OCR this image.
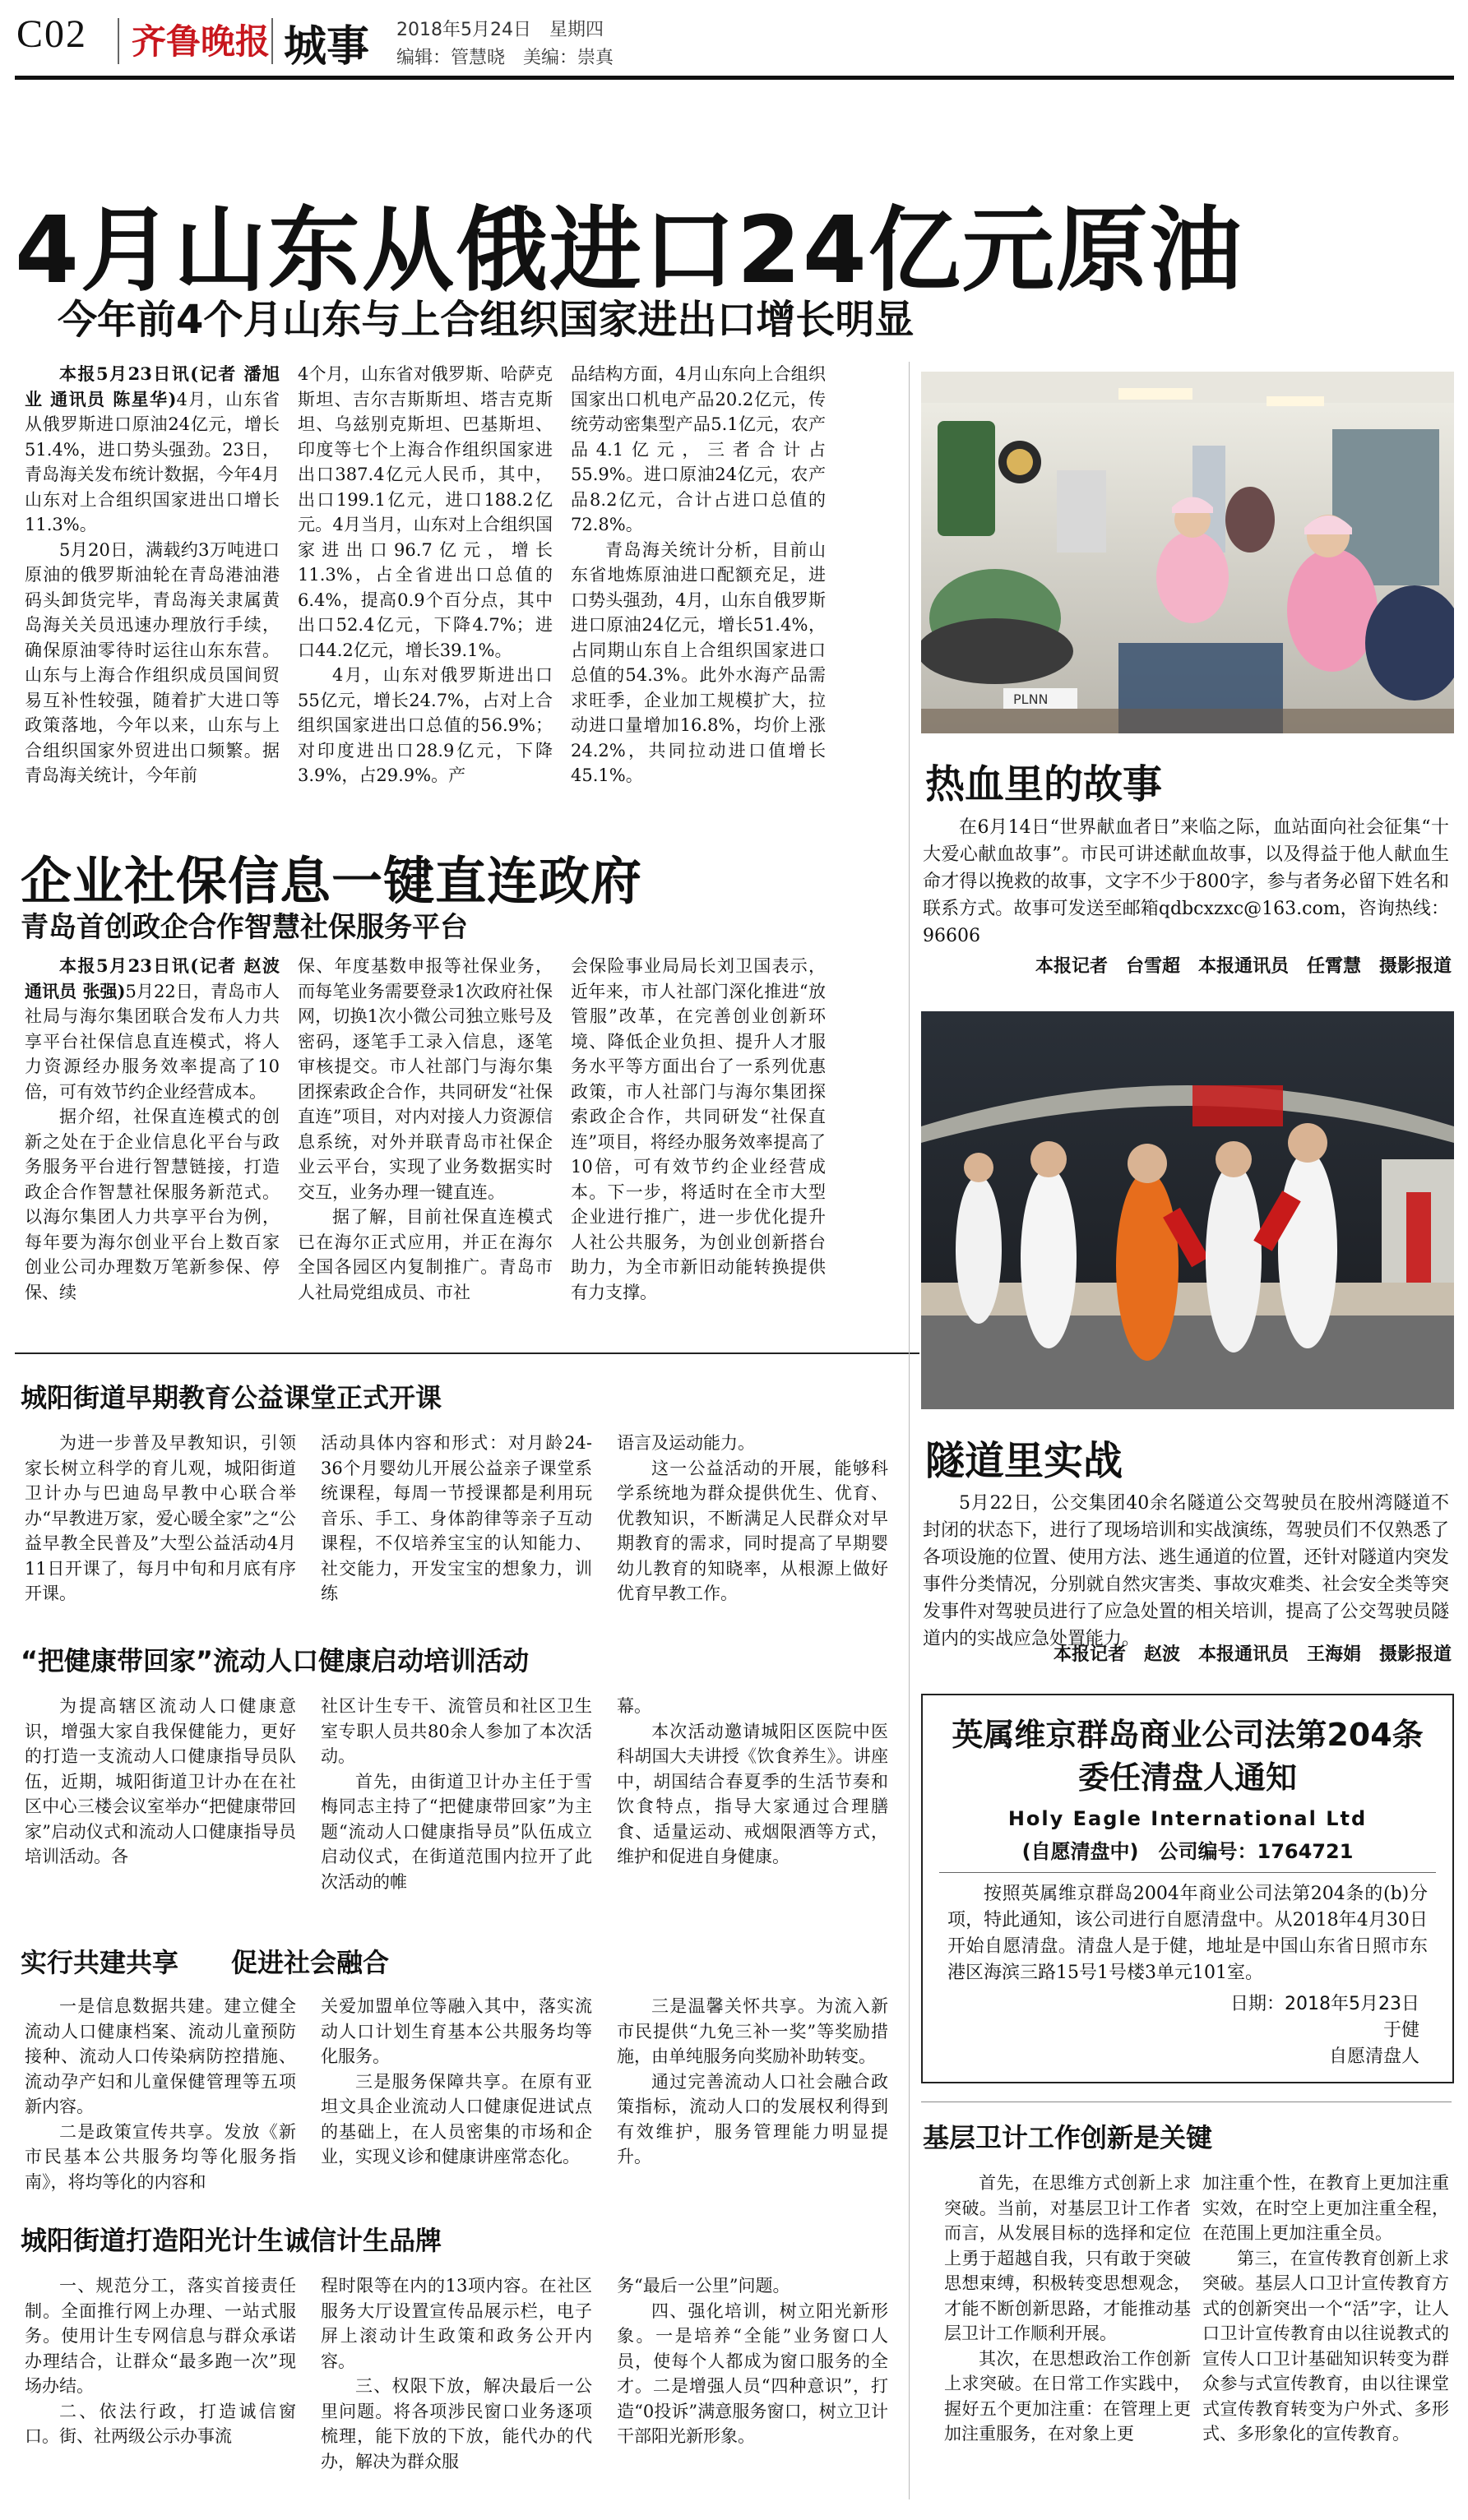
C02 齐鲁晚报 城事 2018年5月24日　星期四
编辑：管慧晓　美编：崇真
4月山东从俄进口24亿元原油
今年前4个月山东与上合组织国家进出口增长明显

本报5月23日讯(记者 潘旭业 通讯员 陈星华)4月，山东省从俄罗斯进口原油24亿元，增长51.4%，进口势头强劲。23日，青岛海关发布统计数据，今年4月山东对上合组织国家进出口增长11.3%。

5月20日，满载约3万吨进口原油的俄罗斯油轮在青岛港油港码头卸货完毕，青岛海关隶属黄岛海关关员迅速办理放行手续，确保原油零待时运往山东东营。山东与上海合作组织成员国间贸易互补性较强，随着扩大进口等政策落地，今年以来，山东与上合组织国家外贸进出口频繁。据青岛海关统计，今年前

4个月，山东省对俄罗斯、哈萨克斯坦、吉尔吉斯斯坦、塔吉克斯坦、乌兹别克斯坦、巴基斯坦、印度等七个上海合作组织国家进出口387.4亿元人民币，其中，出口199.1亿元，进口188.2亿元。4月当月，山东对上合组织国家进出口96.7亿元，增长11.3%，占全省进出口总值的6.4%，提高0.9个百分点，其中出口52.4亿元，下降4.7%；进口44.2亿元，增长39.1%。

4月，山东对俄罗斯进出口55亿元，增长24.7%，占对上合组织国家进出口总值的56.9%；对印度进出口28.9亿元，下降3.9%，占29.9%。产

品结构方面，4月山东向上合组织国家出口机电产品20.2亿元，传统劳动密集型产品5.1亿元，农产品4.1亿元，三者合计占55.9%。进口原油24亿元，农产品8.2亿元，合计占进口总值的72.8%。

青岛海关统计分析，目前山东省地炼原油进口配额充足，进口势头强劲，4月，山东自俄罗斯进口原油24亿元，增长51.4%，占同期山东自上合组织国家进口总值的54.3%。此外水海产品需求旺季，企业加工规模扩大，拉动进口量增加16.8%，均价上涨24.2%，共同拉动进口值增长45.1%。

企业社保信息一键直连政府
青岛首创政企合作智慧社保服务平台

本报5月23日讯(记者 赵波 通讯员 张强)5月22日，青岛市人社局与海尔集团联合发布人力共享平台社保信息直连模式，将人力资源经办服务效率提高了10倍，可有效节约企业经营成本。

据介绍，社保直连模式的创新之处在于企业信息化平台与政务服务平台进行智慧链接，打造政企合作智慧社保服务新范式。以海尔集团人力共享平台为例，每年要为海尔创业平台上数百家创业公司办理数万笔新参保、停保、续

保、年度基数申报等社保业务，而每笔业务需要登录1次政府社保网，切换1次小微公司独立账号及密码，逐笔手工录入信息，逐笔审核提交。市人社部门与海尔集团探索政企合作，共同研发“社保直连”项目，对内对接人力资源信息系统，对外并联青岛市社保企业云平台，实现了业务数据实时交互，业务办理一键直连。

据了解，目前社保直连模式已在海尔正式应用，并正在海尔全国各园区内复制推广。青岛市人社局党组成员、市社

会保险事业局局长刘卫国表示，近年来，市人社部门深化推进“放管服”改革，在完善创业创新环境、降低企业负担、提升人才服务水平等方面出台了一系列优惠政策，市人社部门与海尔集团探索政企合作，共同研发“社保直连”项目，将经办服务效率提高了10倍，可有效节约企业经营成本。下一步，将适时在全市大型企业进行推广，进一步优化提升人社公共服务，为创业创新搭台助力，为全市新旧动能转换提供有力支撑。

城阳街道早期教育公益课堂正式开课

为进一步普及早教知识，引领家长树立科学的育儿观，城阳街道卫计办与巴迪岛早教中心联合举办“早教进万家，爱心暖全家”之“公益早教全民普及”大型公益活动4月11日开课了，每月中旬和月底有序开课。

活动具体内容和形式：对月龄24-36个月婴幼儿开展公益亲子课堂系统课程，每周一节授课都是利用玩音乐、手工、身体韵律等亲子互动课程，不仅培养宝宝的认知能力、社交能力，开发宝宝的想象力，训练

语言及运动能力。

这一公益活动的开展，能够科学系统地为群众提供优生、优育、优教知识，不断满足人民群众对早期教育的需求，同时提高了早期婴幼儿教育的知晓率，从根源上做好优育早教工作。

“把健康带回家”流动人口健康启动培训活动

为提高辖区流动人口健康意识，增强大家自我保健能力，更好的打造一支流动人口健康指导员队伍，近期，城阳街道卫计办在在社区中心三楼会议室举办“把健康带回家”启动仪式和流动人口健康指导员培训活动。各

社区计生专干、流管员和社区卫生室专职人员共80余人参加了本次活动。

首先，由街道卫计办主任于雪梅同志主持了“把健康带回家”为主题“流动人口健康指导员”队伍成立启动仪式，在街道范围内拉开了此次活动的帷

幕。

本次活动邀请城阳区医院中医科胡国大夫讲授《饮食养生》。讲座中，胡国结合春夏季的生活节奏和饮食特点，指导大家通过合理膳食、适量运动、戒烟限酒等方式，维护和促进自身健康。

实行共建共享　　促进社会融合

一是信息数据共建。建立健全流动人口健康档案、流动儿童预防接种、流动人口传染病防控措施、流动孕产妇和儿童保健管理等五项新内容。

二是政策宣传共享。发放《新市民基本公共服务均等化服务指南》，将均等化的内容和

关爱加盟单位等融入其中，落实流动人口计划生育基本公共服务均等化服务。

三是服务保障共享。在原有亚坦文具企业流动人口健康促进试点的基础上，在人员密集的市场和企业，实现义诊和健康讲座常态化。

三是温馨关怀共享。为流入新市民提供“九免三补一奖”等奖励措施，由单纯服务向奖励补助转变。

通过完善流动人口社会融合政策指标，流动人口的发展权利得到有效维护，服务管理能力明显提升。

城阳街道打造阳光计生诚信计生品牌

一、规范分工，落实首接责任制。全面推行网上办理、一站式服务。使用计生专网信息与群众承诺办理结合，让群众“最多跑一次”现场办结。

二、依法行政，打造诚信窗口。街、社两级公示办事流

程时限等在内的13项内容。在社区服务大厅设置宣传品展示栏，电子屏上滚动计生政策和政务公开内容。

三、权限下放，解决最后一公里问题。将各项涉民窗口业务逐项梳理，能下放的下放，能代办的代办，解决为群众服

务“最后一公里”问题。

四、强化培训，树立阳光新形象。一是培养“全能”业务窗口人员，使每个人都成为窗口服务的全才。二是增强人员“四种意识”，打造“0投诉”满意服务窗口，树立卫计干部阳光新形象。

PLNN
热血里的故事

在6月14日“世界献血者日”来临之际，血站面向社会征集“十大爱心献血故事”。市民可讲述献血故事，以及得益于他人献血生命才得以挽救的故事，文字不少于800字，参与者务必留下姓名和联系方式。故事可发送至邮箱qdbcxzxc@163.com，咨询热线：96606

本报记者　台雪超　本报通讯员　任霄慧　摄影报道
隧道里实战

5月22日，公交集团40余名隧道公交驾驶员在胶州湾隧道不封闭的状态下，进行了现场培训和实战演练，驾驶员们不仅熟悉了各项设施的位置、使用方法、逃生通道的位置，还针对隧道内突发事件分类情况，分别就自然灾害类、事故灾难类、社会安全类等突发事件对驾驶员进行了应急处置的相关培训，提高了公交驾驶员隧道内的实战应急处置能力。

本报记者　赵波　本报通讯员　王海娟　摄影报道
英属维京群岛商业公司法第204条
委任清盘人通知
Holy Eagle International Ltd
(自愿清盘中)　公司编号：1764721
按照英属维京群岛2004年商业公司法第204条的(b)分项，特此通知，该公司进行自愿清盘中。从2018年4月30日开始自愿清盘。清盘人是于健，地址是中国山东省日照市东港区海滨三路15号1号楼3单元101室。
日期：2018年5月23日
于健
自愿清盘人
基层卫计工作创新是关键

首先，在思维方式创新上求突破。当前，对基层卫计工作者而言，从发展目标的选择和定位上勇于超越自我，只有敢于突破思想束缚，积极转变思想观念，才能不断创新思路，才能推动基层卫计工作顺利开展。

其次，在思想政治工作创新上求突破。在日常工作实践中，握好五个更加注重：在管理上更加注重服务，在对象上更

加注重个性，在教育上更加注重实效，在时空上更加注重全程，在范围上更加注重全员。

第三，在宣传教育创新上求突破。基层人口卫计宣传教育方式的创新突出一个“活”字，让人口卫计宣传教育由以往说教式的宣传人口卫计基础知识转变为群众参与式宣传教育，由以往课堂式宣传教育转变为户外式、多形式、多形象化的宣传教育。
